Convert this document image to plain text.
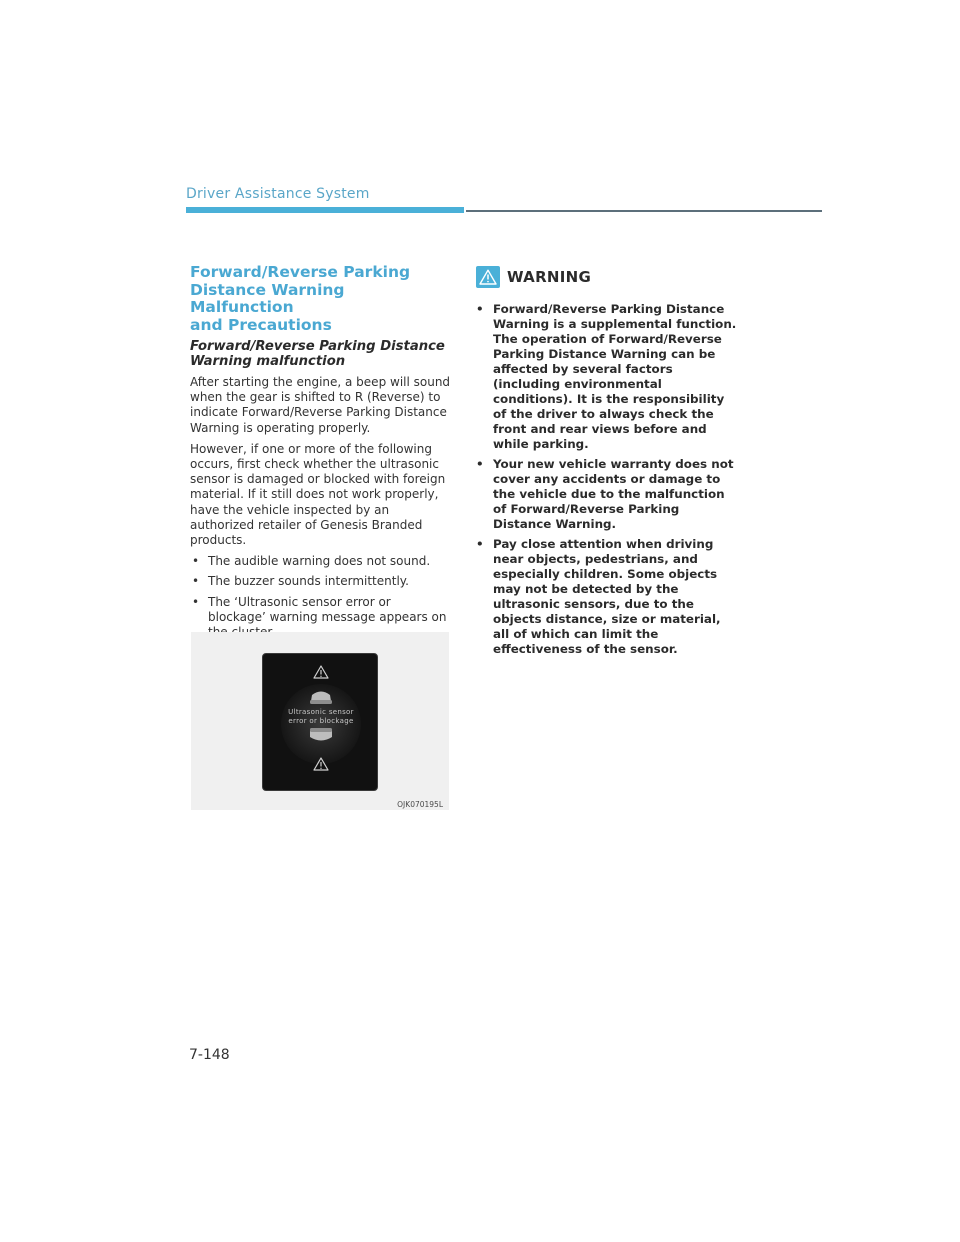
Driver Assistance System
Forward/Reverse Parking
Distance Warning Malfunction
and Precautions
Forward/Reverse Parking Distance
Warning malfunction

After starting the engine, a beep will sound when the gear is shifted to R (Reverse) to indicate Forward/Reverse Parking Distance Warning is operating properly.

However, if one or more of the following occurs, first check whether the ultrasonic sensor is damaged or blocked with foreign material. If it still does not work properly, have the vehicle inspected by an authorized retailer of Genesis Branded products.

• The audible warning does not sound.
• The buzzer sounds intermittently.
• The ‘Ultrasonic sensor error or blockage’ warning message appears on
Ultrasonic sensor
error or blockage
OJK070195L
WARNING
• Forward/Reverse Parking Distance Warning is a supplemental function. The operation of Forward/Reverse Parking Distance Warning can be affected by several factors (including environmental conditions). It is the responsibility of the driver to always check the front and rear views before and while parking.
• Your new vehicle warranty does not cover any accidents or damage to the vehicle due to the malfunction of Forward/Reverse Parking Distance Warning.
• Pay close attention when driving near objects, pedestrians, and especially children. Some objects may not be detected by the ultrasonic sensors, due to the objects distance, size or material, all of which can limit the effectiveness of the sensor.
7-148
